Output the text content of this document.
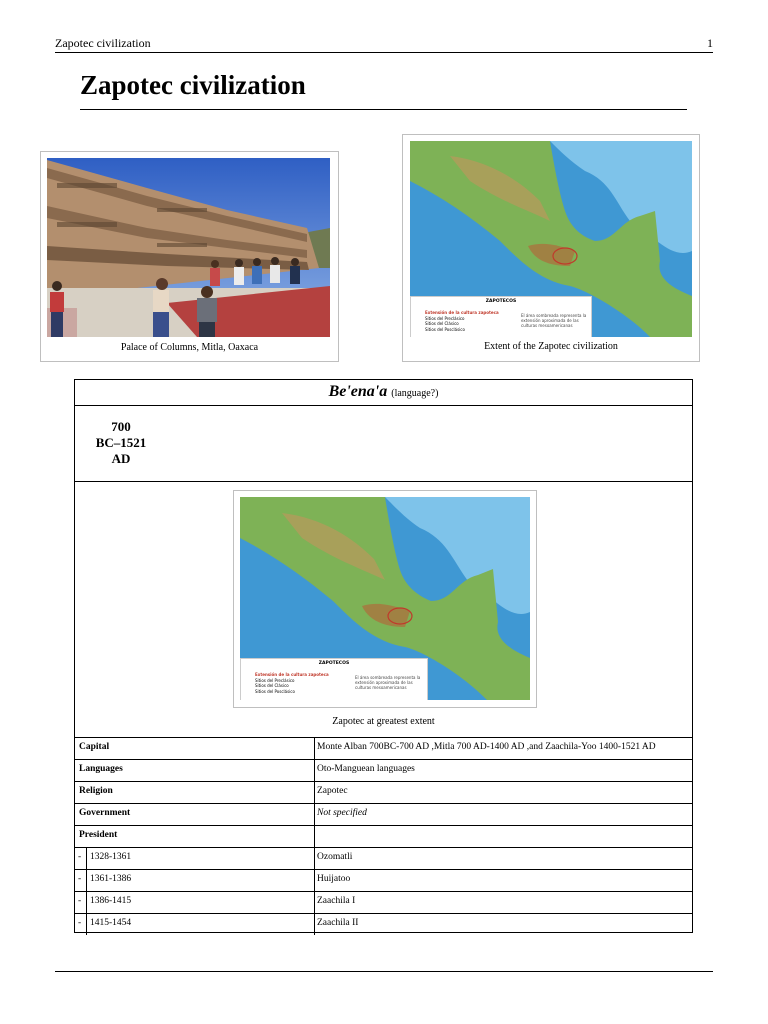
Zapotec civilization	1
Zapotec civilization
Palace of Columns, Mitla, Oaxaca
ZAPOTECOS
Extensión de la cultura zapoteca
Sitios del Preclásico
Sitios del Clásico
Sitios del Posclásico
El área sombreada representa la extensión aproximada de las culturas mesoamericanas
Extent of the Zapotec civilization
Be'ena'a (language?)
700
BC–1521
AD
ZAPOTECOS
Extensión de la cultura zapoteca
Sitios del Preclásico
Sitios del Clásico
Sitios del Posclásico
El área sombreada representa la extensión aproximada de las culturas mesoamericanas
Zapotec at greatest extent
Capital	Monte Alban 700BC-700 AD ,Mitla 700 AD-1400 AD ,and Zaachila-Yoo 1400-1521 AD
Languages	Oto-Manguean languages
Religion	Zapotec
Government	Not specified
President
- 1328-1361	Ozomatli
- 1361-1386	Huijatoo
- 1386-1415	Zaachila I
- 1415-1454	Zaachila II
